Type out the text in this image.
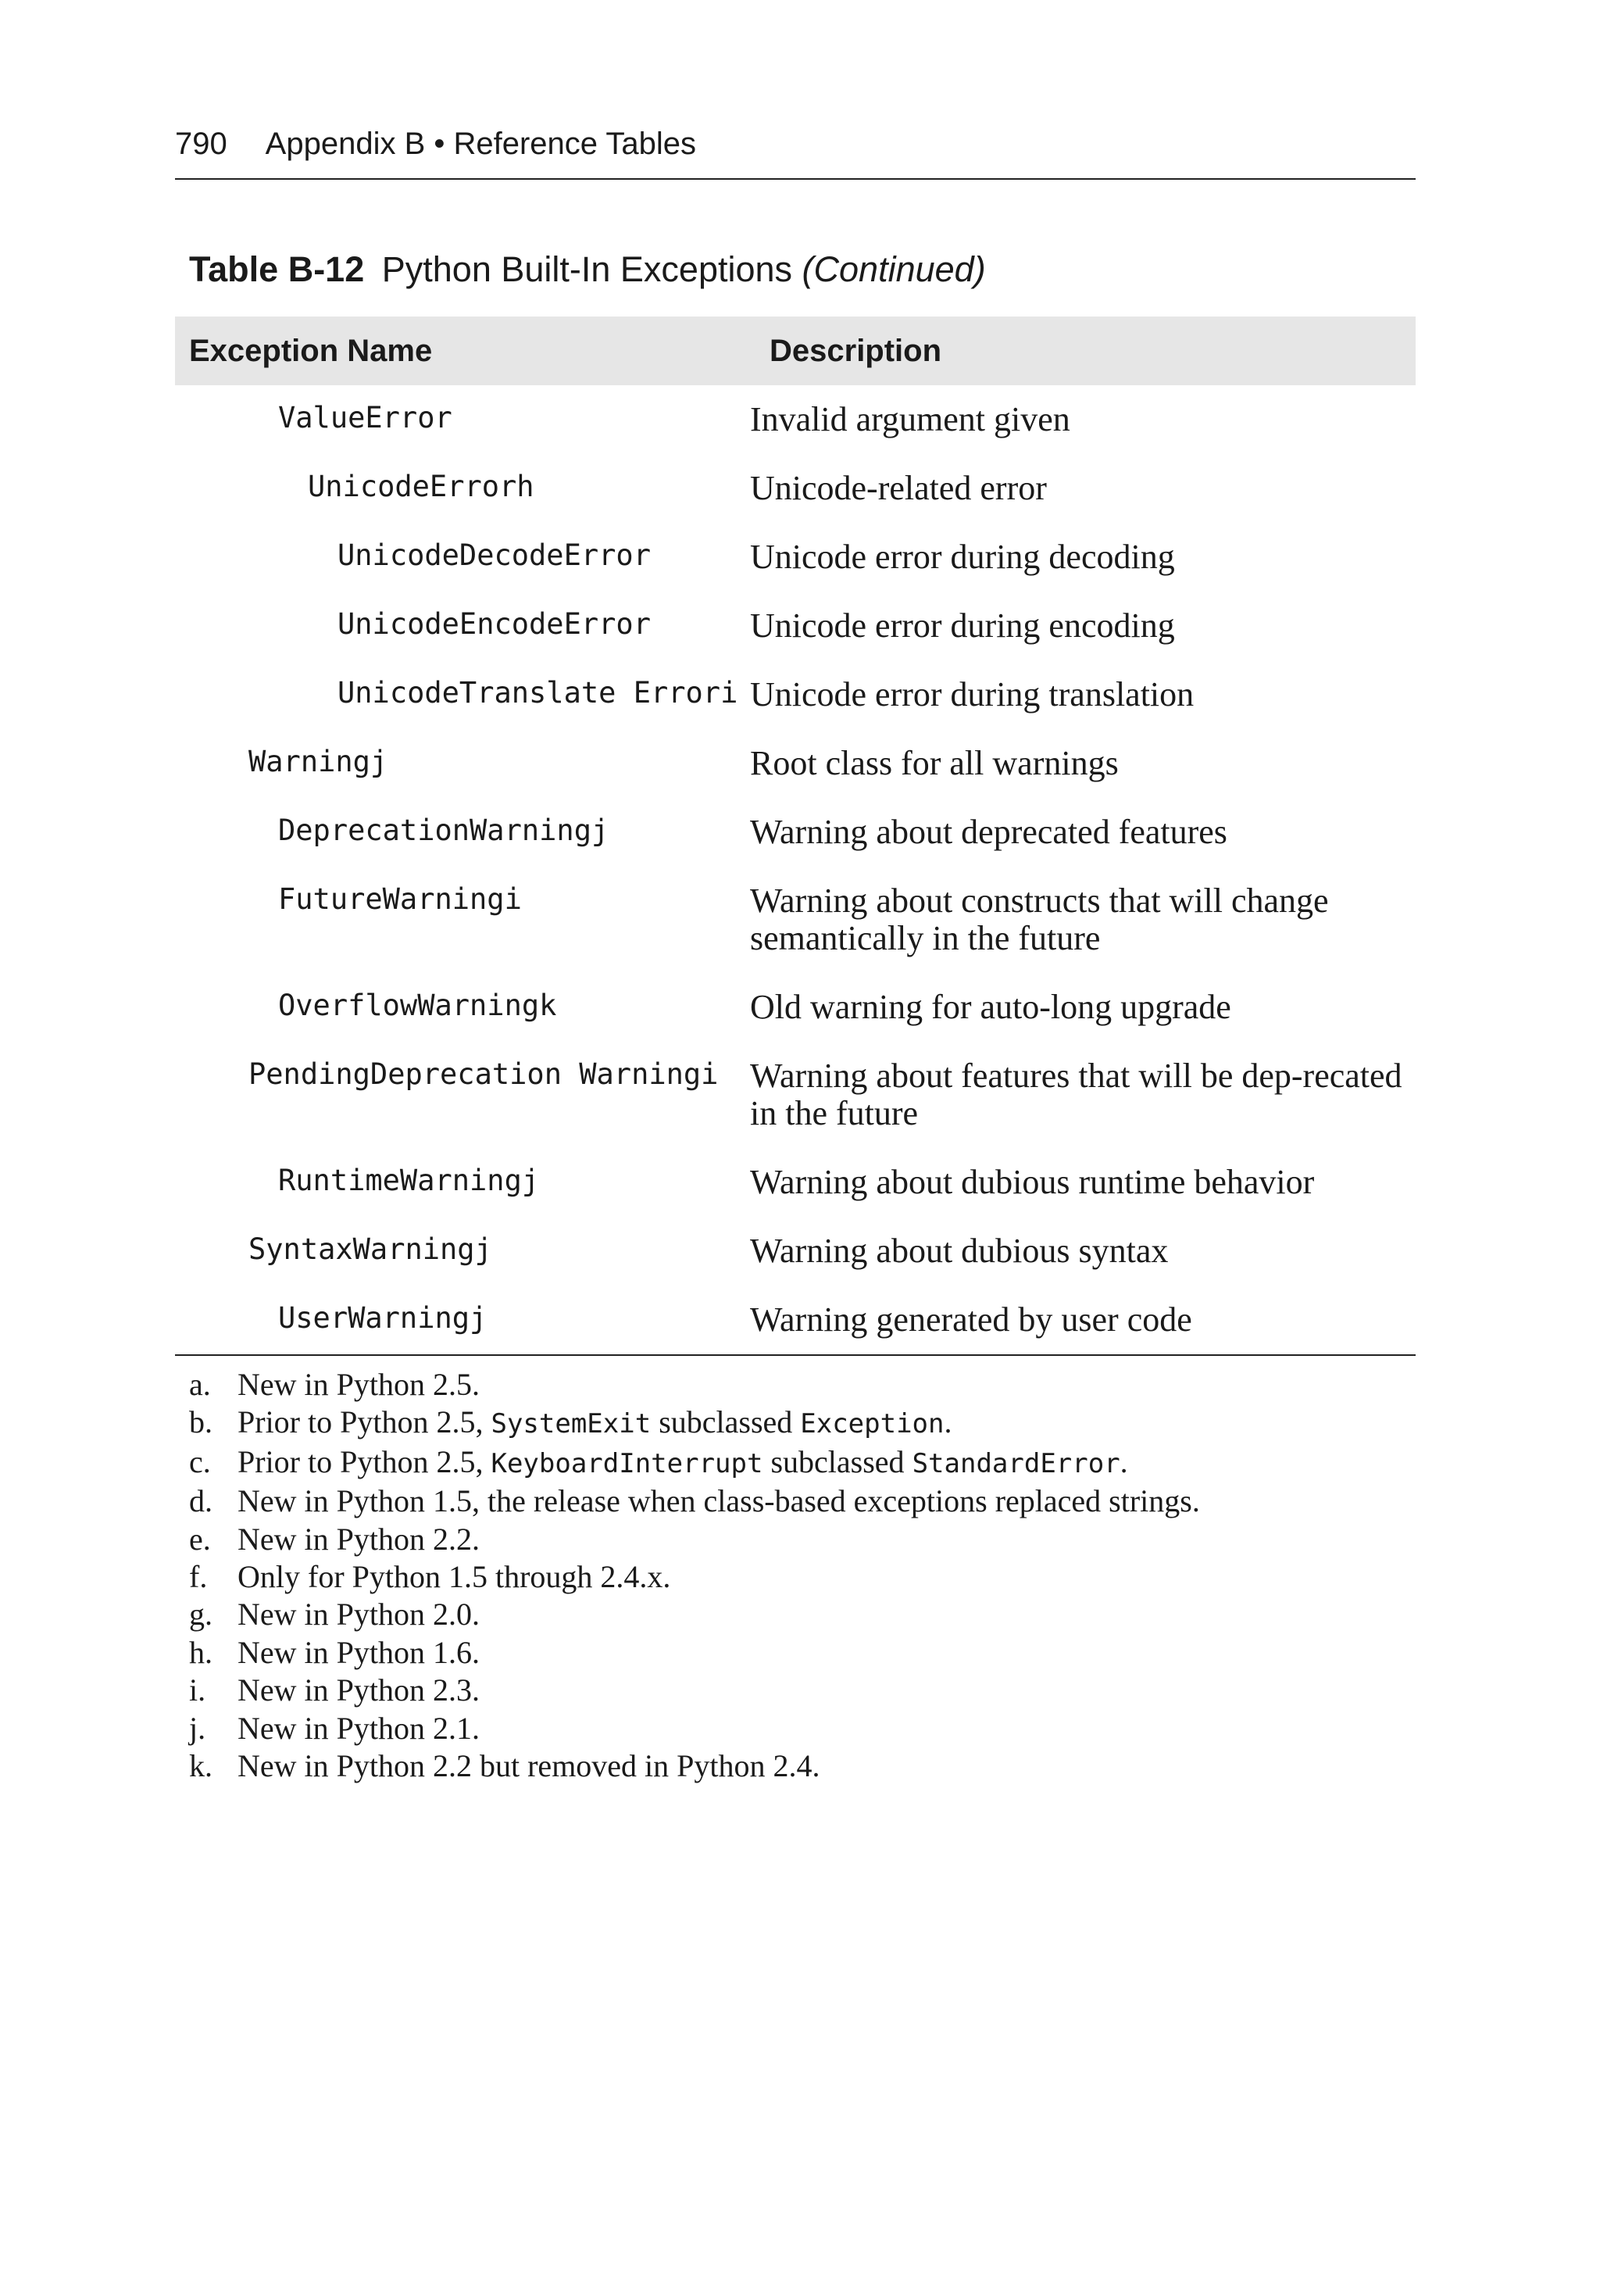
790 Appendix B • Reference Tables
Table B-12 Python Built-In Exceptions (Continued)
Exception Name Description	

ValueError	Invalid argument given
UnicodeErrorh	Unicode-related error
UnicodeDecodeError	Unicode error during decoding
UnicodeEncodeError	Unicode error during encoding
UnicodeTranslate Errori	Unicode error during translation
Warningj	Root class for all warnings
DeprecationWarningj	Warning about deprecated features
FutureWarningi	Warning about constructs that will change semantically in the future
OverflowWarningk	Old warning for auto-long upgrade
PendingDeprecation Warningi	Warning about features that will be dep-recated in the future
RuntimeWarningj	Warning about dubious runtime behavior
SyntaxWarningj	Warning about dubious syntax
UserWarningj	Warning generated by user code
a. New in Python 2.5.
b. Prior to Python 2.5, SystemExit subclassed Exception.
c. Prior to Python 2.5, KeyboardInterrupt subclassed StandardError.
d. New in Python 1.5, the release when class-based exceptions replaced strings.
e. New in Python 2.2.
f. Only for Python 1.5 through 2.4.x.
g. New in Python 2.0.
h. New in Python 1.6.
i.	New in Python 2.3.
j.	New in Python 2.1.
k. New in Python 2.2 but removed in Python 2.4.
